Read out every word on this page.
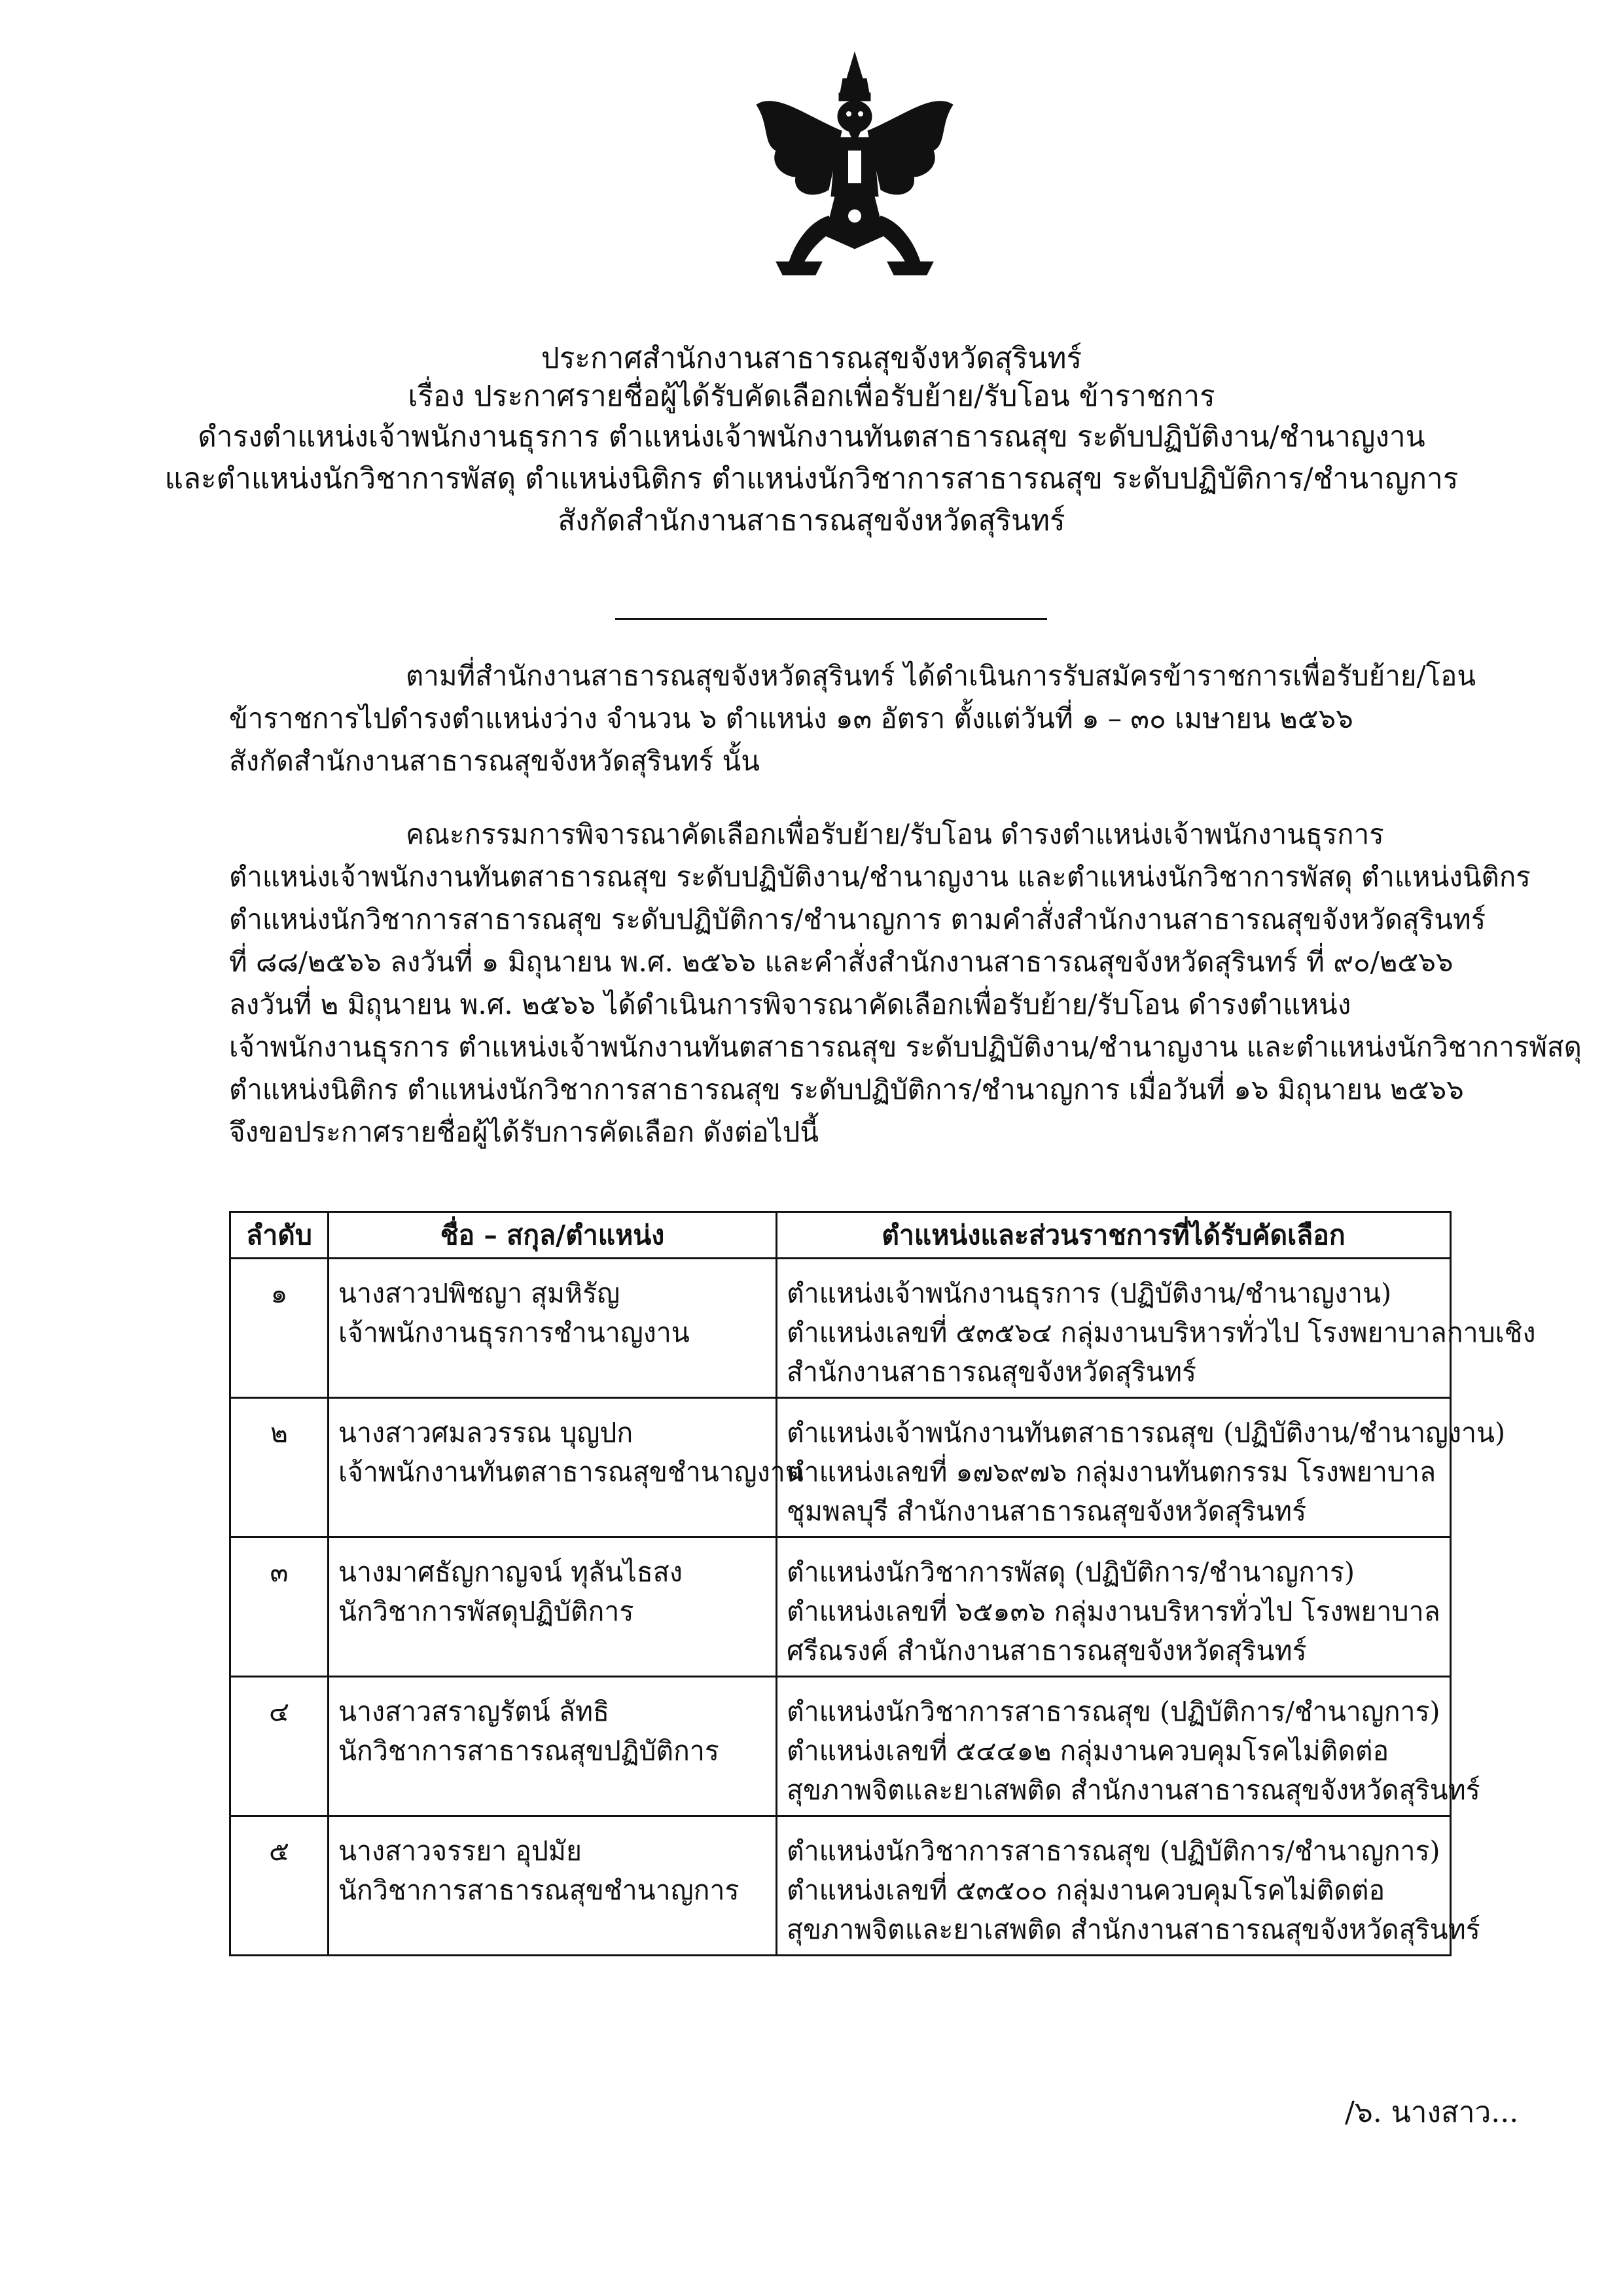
ประกาศสำนักงานสาธารณสุขจังหวัดสุรินทร์
เรื่อง ประกาศรายชื่อผู้ได้รับคัดเลือกเพื่อรับย้าย/รับโอน ข้าราชการ
ดำรงตำแหน่งเจ้าพนักงานธุรการ ตำแหน่งเจ้าพนักงานทันตสาธารณสุข ระดับปฏิบัติงาน/ชำนาญงาน
และตำแหน่งนักวิชาการพัสดุ ตำแหน่งนิติกร ตำแหน่งนักวิชาการสาธารณสุข ระดับปฏิบัติการ/ชำนาญการ
สังกัดสำนักงานสาธารณสุขจังหวัดสุรินทร์
ตามที่สำนักงานสาธารณสุขจังหวัดสุรินทร์ ได้ดำเนินการรับสมัครข้าราชการเพื่อรับย้าย/โอน
ข้าราชการไปดำรงตำแหน่งว่าง จำนวน ๖ ตำแหน่ง ๑๓ อัตรา ตั้งแต่วันที่ ๑ – ๓๐ เมษายน ๒๕๖๖
สังกัดสำนักงานสาธารณสุขจังหวัดสุรินทร์ นั้น
คณะกรรมการพิจารณาคัดเลือกเพื่อรับย้าย/รับโอน ดำรงตำแหน่งเจ้าพนักงานธุรการ
ตำแหน่งเจ้าพนักงานทันตสาธารณสุข ระดับปฏิบัติงาน/ชำนาญงาน และตำแหน่งนักวิชาการพัสดุ ตำแหน่งนิติกร
ตำแหน่งนักวิชาการสาธารณสุข ระดับปฏิบัติการ/ชำนาญการ ตามคำสั่งสำนักงานสาธารณสุขจังหวัดสุรินทร์
ที่ ๘๘/๒๕๖๖ ลงวันที่ ๑ มิถุนายน พ.ศ. ๒๕๖๖ และคำสั่งสำนักงานสาธารณสุขจังหวัดสุรินทร์ ที่ ๙๐/๒๕๖๖
ลงวันที่ ๒ มิถุนายน พ.ศ. ๒๕๖๖ ได้ดำเนินการพิจารณาคัดเลือกเพื่อรับย้าย/รับโอน ดำรงตำแหน่ง
เจ้าพนักงานธุรการ ตำแหน่งเจ้าพนักงานทันตสาธารณสุข ระดับปฏิบัติงาน/ชำนาญงาน และตำแหน่งนักวิชาการพัสดุ
ตำแหน่งนิติกร ตำแหน่งนักวิชาการสาธารณสุข ระดับปฏิบัติการ/ชำนาญการ เมื่อวันที่ ๑๖ มิถุนายน ๒๕๖๖
จึงขอประกาศรายชื่อผู้ได้รับการคัดเลือก ดังต่อไปนี้
ลำดับ	ชื่อ – สกุล/ตำแหน่ง	ตำแหน่งและส่วนราชการที่ได้รับคัดเลือก
๑	นางสาวปพิชญา สุมหิรัญ
เจ้าพนักงานธุรการชำนาญงาน	ตำแหน่งเจ้าพนักงานธุรการ (ปฏิบัติงาน/ชำนาญงาน)
ตำแหน่งเลขที่ ๕๓๕๖๔ กลุ่มงานบริหารทั่วไป โรงพยาบาลกาบเชิง
สำนักงานสาธารณสุขจังหวัดสุรินทร์

๒	นางสาวศมลวรรณ บุญปก
เจ้าพนักงานทันตสาธารณสุขชำนาญงาน	ตำแหน่งเจ้าพนักงานทันตสาธารณสุข (ปฏิบัติงาน/ชำนาญงาน)
ตำแหน่งเลขที่ ๑๗๖๙๗๖ กลุ่มงานทันตกรรม โรงพยาบาล
ชุมพลบุรี สำนักงานสาธารณสุขจังหวัดสุรินทร์

๓	นางมาศธัญกาญจน์ ทุลันไธสง
นักวิชาการพัสดุปฏิบัติการ	ตำแหน่งนักวิชาการพัสดุ (ปฏิบัติการ/ชำนาญการ)
ตำแหน่งเลขที่ ๖๕๑๓๖ กลุ่มงานบริหารทั่วไป โรงพยาบาล
ศรีณรงค์ สำนักงานสาธารณสุขจังหวัดสุรินทร์

๔	นางสาวสราญรัตน์ ลัทธิ
นักวิชาการสาธารณสุขปฏิบัติการ	ตำแหน่งนักวิชาการสาธารณสุข (ปฏิบัติการ/ชำนาญการ)
ตำแหน่งเลขที่ ๕๔๔๑๒ กลุ่มงานควบคุมโรคไม่ติดต่อ
สุขภาพจิตและยาเสพติด สำนักงานสาธารณสุขจังหวัดสุรินทร์

๕	นางสาวจรรยา อุปมัย
นักวิชาการสาธารณสุขชำนาญการ	ตำแหน่งนักวิชาการสาธารณสุข (ปฏิบัติการ/ชำนาญการ)
ตำแหน่งเลขที่ ๕๓๕๐๐ กลุ่มงานควบคุมโรคไม่ติดต่อ
สุขภาพจิตและยาเสพติด สำนักงานสาธารณสุขจังหวัดสุรินทร์
/๖. นางสาว...
